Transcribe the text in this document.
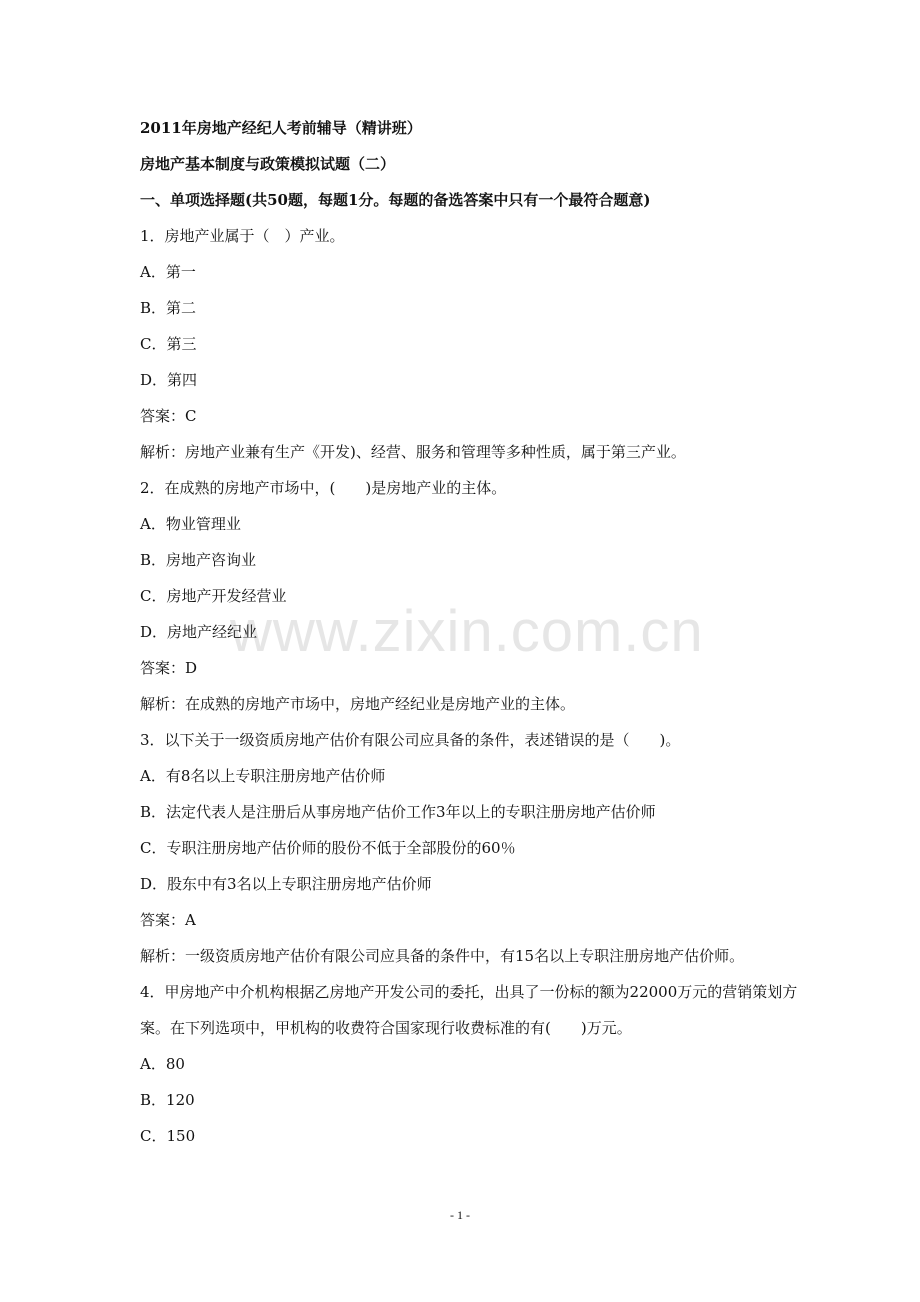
www.zixin.com.cn
2011年房地产经纪人考前辅导（精讲班）
房地产基本制度与政策模拟试题（二）
一、单项选择题(共50题，每题1分。每题的备选答案中只有一个最符合题意)
1．房地产业属于（　）产业。
A．第一
B．第二
C．第三
D．第四
答案：C
解析：房地产业兼有生产《开发)、经营、服务和管理等多种性质，属于第三产业。
2．在成熟的房地产市场中，(　　)是房地产业的主体。
A．物业管理业
B．房地产咨询业
C．房地产开发经营业
D．房地产经纪业
答案：D
解析：在成熟的房地产市场中，房地产经纪业是房地产业的主体。
3．以下关于一级资质房地产估价有限公司应具备的条件，表述错误的是（　　)。
A．有8名以上专职注册房地产估价师
B．法定代表人是注册后从事房地产估价工作3年以上的专职注册房地产估价师
C．专职注册房地产估价师的股份不低于全部股份的60％
D．股东中有3名以上专职注册房地产估价师
答案：A
解析：一级资质房地产估价有限公司应具备的条件中，有15名以上专职注册房地产估价师。
4．甲房地产中介机构根据乙房地产开发公司的委托，出具了一份标的额为22000万元的营销策划方案。在下列选项中，甲机构的收费符合国家现行收费标准的有(　　)万元。
A．80
B．120
C．150
- 1 -
